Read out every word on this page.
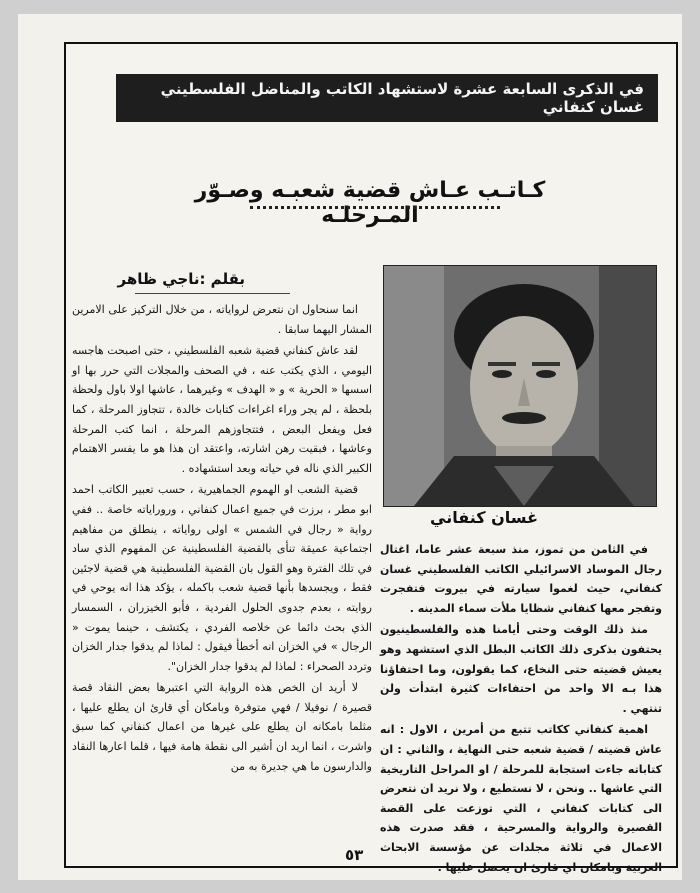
في الذكرى السابعة عشرة لاستشهاد الكاتب والمناضل الفلسطيني غسان كنفاني
كـاتـب عـاش قضية شعبـه وصـوّر المـرحلـه
بقلم :ناجي ظاهر
غسان كنفاني

انما سنحاول ان نتعرض لرواياته ، من خلال التركيز على الامرين المشار اليهما سابقا .

لقد عاش كنفاني قضية شعبه الفلسطيني ، حتى اصبحت هاجسه اليومي ، الذي يكتب عنه ، في الصحف والمجلات التي حرر بها او اسسها « الحرية » و « الهدف » وغيرهما ، عاشها اولا باول ولحظة بلحظة ، لم يجر وراء اغراءات كتابات خالدة ، تتجاوز المرحلة ، كما فعل ويفعل البعض ، فتتجاوزهم المرحلة ، انما كتب المرحلة وعاشها ، فبقيت رهن اشارته، واعتقد ان هذا هو ما يفسر الاهتمام الكبير الذي ناله في حياته وبعد استشهاده .

قضية الشعب او الهموم الجماهيرية ، حسب تعبير الكاتب احمد ابو مطر ، برزت في جميع اعمال كنفاني ، وروراياته خاصة .. ففي رواية « رجال في الشمس » اولى رواياته ، ينطلق من مفاهيم اجتماعية عميقة تنأى بالقضية الفلسطينية عن المفهوم الذي ساد في تلك الفترة وهو القول بان القضية الفلسطينية هي قضية لاجئين فقط ، ويجسدها بأنها قضية شعب باكمله ، يؤكد هذا انه يوحي في روايته ، بعدم جدوى الحلول الفردية ، فأبو الخيزران ، السمسار الذي بحث دائما عن خلاصه الفردي ، يكتشف ، حينما يموت « الرجال » في الخزان انه أخطأ فيقول : لماذا لم يدقوا جدار الخزان وتردد الصحراء : لماذا لم يدقوا جدار الخزان".

لا أريد ان الخص هذه الرواية التي اعتبرها بعض النقاد قصة قصيرة / نوفيلا / فهي متوفرة وبامكان أي قارئ ان يطلع عليها ، مثلما بامكانه ان يطلع على غيرها من اعمال كنفاني كما سبق واشرت ، انما اريد ان أشير الى نقطة هامة فيها ، قلما اعارها النقاد والدارسون ما هي جديرة به من

في الثامن من تموز، منذ سبعة عشر عاما، اغتال رجال الموساد الاسرائيلي الكاتب الفلسطيني غسان كنفاني، حيث لغموا سيارته في بيروت فتفجرت وتفجر معها كنفاني شظايا ملأت سماء المدينه .

منذ ذلك الوقت وحتى أيامنا هذه والفلسطينيون يحتفون بذكرى ذلك الكاتب البطل الذي استشهد وهو يعيش قضيته حتى النخاع، كما يقولون، وما احتفاؤنا هذا بـه الا واحد من احتفاءات كثيرة ابتدأت ولن تنتهي .

اهمية كنفاني ككاتب تتبع من أمرين ، الاول : انه عاش قضيته / قضية شعبه حتى النهاية ، والثاني : ان كتاباته جاءت استجابة للمرحلة / او المراحل التاريخية التي عاشها .. ونحن ، لا نستطيع ، ولا نريد ان نتعرض الى كتابات كنفاني ، التي توزعت على القصة القصيرة والرواية والمسرحية ، فقد صدرت هذه الاعمال في ثلاثة مجلدات عن مؤسسة الابحاث العربية وبامكان اي قارئ ان يحصل عليها .

٥٣
